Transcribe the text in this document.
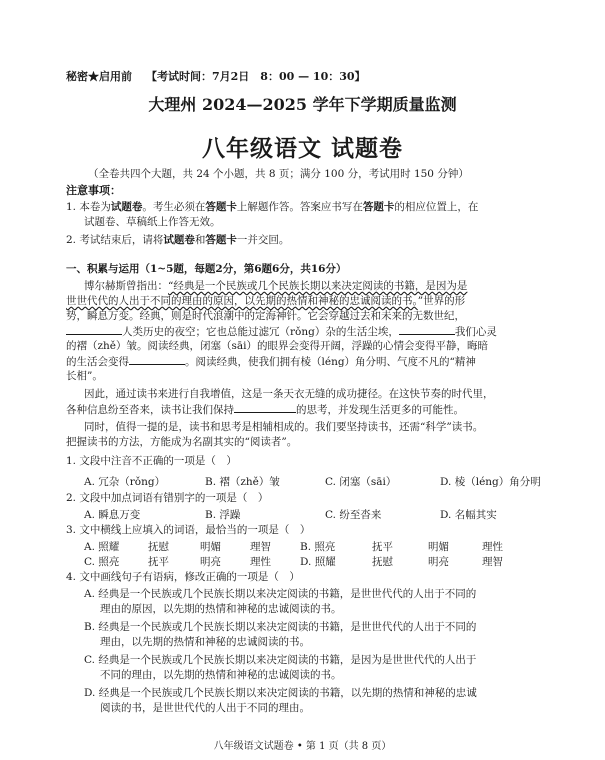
秘密★启用前 【考试时间：7月2日　8：00 — 10：30】
大理州 2024—2025 学年下学期质量监测
八年级语文 试题卷
（全卷共四个大题，共 24 个小题，共 8 页；满分 100 分，考试用时 150 分钟）
注意事项：
1. 本卷为试题卷。考生必须在答题卡上解题作答。答案应书写在答题卡的相应位置上，在
试题卷、草稿纸上作答无效。
2. 考试结束后，请将试题卷和答题卡一并交回。
一、积累与运用（1~5题，每题2分，第6题6分，共16分）
博尔赫斯曾指出：“经典是一个民族或几个民族长期以来决定阅读的书籍，是因为是
世世代代的人出于不同的理由的原因，以先期的热情和神秘的忠诚阅读的书。”世界的形
势，瞬息万变。经典，则是时代浪潮中的定海神针。它会穿越过去和未来的无数世纪，
人类历史的夜空；它也总能过滤冗（rǒng）杂的生活尘埃，	我们心灵
的褶（zhě）皱。阅读经典，闭塞（sāi）的眼界会变得开阔，浮躁的心情会变得平静，晦暗
的生活会变得	。阅读经典，使我们拥有棱（léng）角分明、气度不凡的“精神
长相”。
因此，通过读书来进行自我增值，这是一条天衣无缝的成功捷径。在这快节奏的时代里，
各种信息纷至沓来，读书让我们保持	的思考，并发现生活更多的可能性。
同时，值得一提的是，读书和思考是相辅相成的。我们要坚持读书，还需“科学”读书。
把握读书的方法，方能成为名副其实的“阅读者”。
1. 文段中注音不正确的一项是（　）
A. 冗杂（rǒng）	B. 褶（zhě）皱	C. 闭塞（sāi）	D. 棱（léng）角分明
2. 文段中加点词语有错别字的一项是（　）
A. 瞬息万变	B. 浮躁	C. 纷至沓来	D. 名幅其实
3. 文中横线上应填入的词语，最恰当的一项是（　）
A. 照耀	抚慰	明媚	理智	B. 照亮	抚平	明媚	理性
C. 照亮	抚平	明亮	理性	D. 照耀	抚慰	明亮	理智
4. 文中画线句子有语病，修改正确的一项是（　）
A. 经典是一个民族或几个民族长期以来决定阅读的书籍，是世世代代的人出于不同的
理由的原因，以先期的热情和神秘的忠诚阅读的书。
B. 经典是一个民族或几个民族长期以来决定阅读的书籍，是世世代代的人出于不同的
理由，以先期的热情和神秘的忠诚阅读的书。
C. 经典是一个民族或几个民族长期以来决定阅读的书籍，是因为是世世代代的人出于
不同的理由，以先期的热情和神秘的忠诚阅读的书。
D. 经典是一个民族或几个民族长期以来决定阅读的书籍，以先期的热情和神秘的忠诚
阅读的书，是世世代代的人出于不同的理由。
八年级语文试题卷 • 第 1 页（共 8 页）
